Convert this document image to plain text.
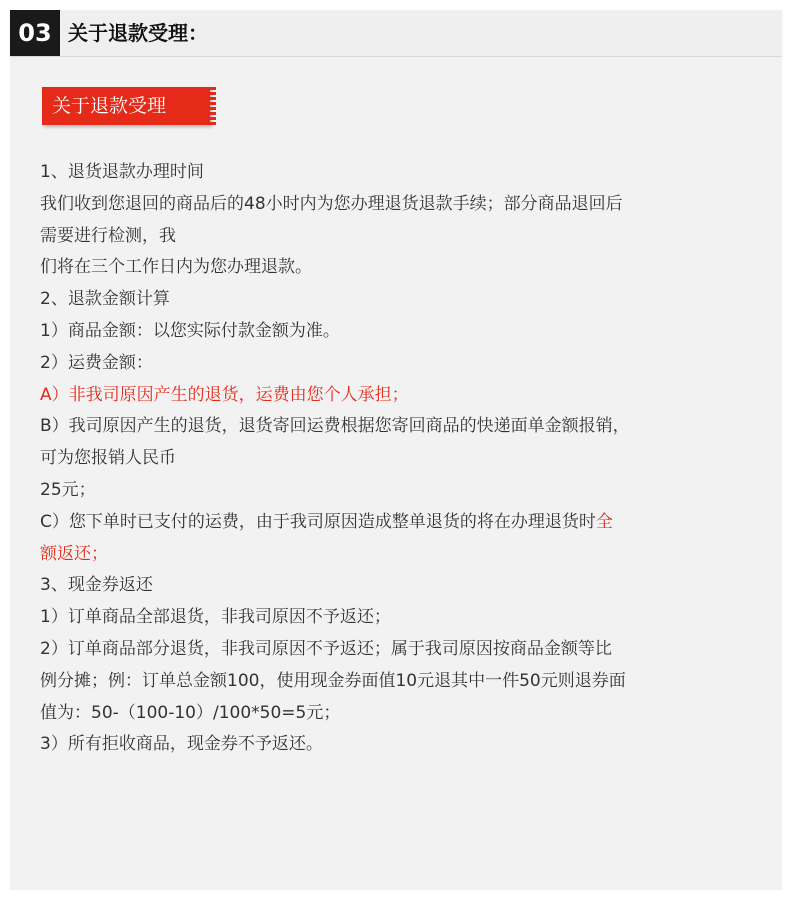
03 关于退款受理：
关于退款受理
1、退货退款办理时间
我们收到您退回的商品后的48小时内为您办理退货退款手续；部分商品退回后
需要进行检测，我
们将在三个工作日内为您办理退款。
2、退款金额计算
1）商品金额：以您实际付款金额为准。
2）运费金额：
A）非我司原因产生的退货，运费由您个人承担；
B）我司原因产生的退货，退货寄回运费根据您寄回商品的快递面单金额报销，
可为您报销人民币
25元；
C）您下单时已支付的运费，由于我司原因造成整单退货的将在办理退货时全
额返还；
3、现金券返还
1）订单商品全部退货，非我司原因不予返还；
2）订单商品部分退货，非我司原因不予返还；属于我司原因按商品金额等比
例分摊；例：订单总金额100，使用现金券面值10元退其中一件50元则退券面
值为：50-（100-10）/100*50=5元；
3）所有拒收商品，现金券不予返还。
